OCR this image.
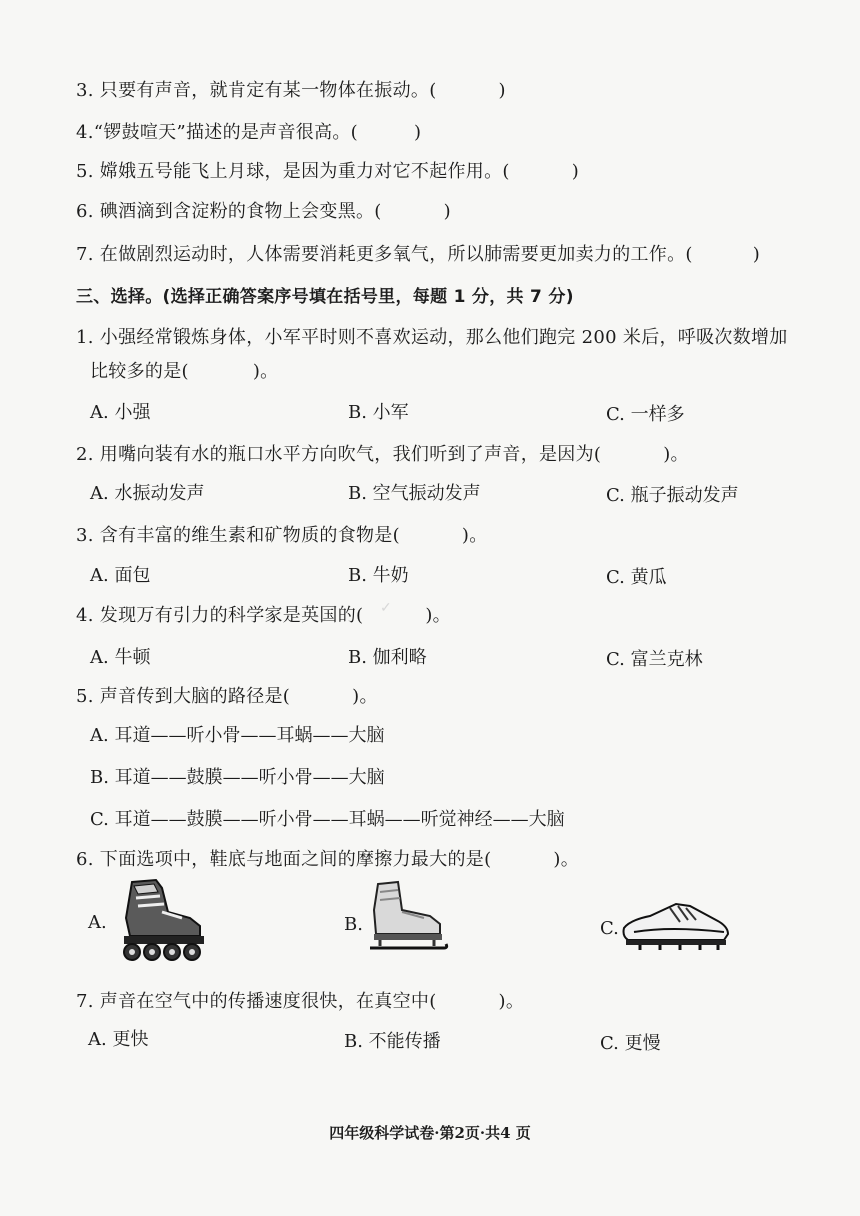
3. 只要有声音，就肯定有某一物体在振动。(	)
4.“锣鼓喧天”描述的是声音很高。(	)
5. 嫦娥五号能飞上月球，是因为重力对它不起作用。(	)
6. 碘酒滴到含淀粉的食物上会变黑。(	)
7. 在做剧烈运动时，人体需要消耗更多氧气，所以肺需要更加卖力的工作。(	)
三、选择。(选择正确答案序号填在括号里，每题 1 分，共 7 分)
1. 小强经常锻炼身体，小军平时则不喜欢运动，那么他们跑完 200 米后，呼吸次数增加
比较多的是(	)。
A. 小强	B. 小军	C. 一样多
2. 用嘴向装有水的瓶口水平方向吹气，我们听到了声音，是因为(	)。
A. 水振动发声	B. 空气振动发声	C. 瓶子振动发声
3. 含有丰富的维生素和矿物质的食物是(	)。
A. 面包	B. 牛奶	C. 黄瓜
✓
4. 发现万有引力的科学家是英国的(	)。
A. 牛顿	B. 伽利略	C. 富兰克林
5. 声音传到大脑的路径是(	)。
A. 耳道——听小骨——耳蜗——大脑
B. 耳道——鼓膜——听小骨——大脑
C. 耳道——鼓膜——听小骨——耳蜗——听觉神经——大脑
6. 下面选项中，鞋底与地面之间的摩擦力最大的是(	)。
A.	B.	C.
7. 声音在空气中的传播速度很快，在真空中(	)。
A. 更快	B. 不能传播	C. 更慢
四年级科学试卷·第2页·共4 页
